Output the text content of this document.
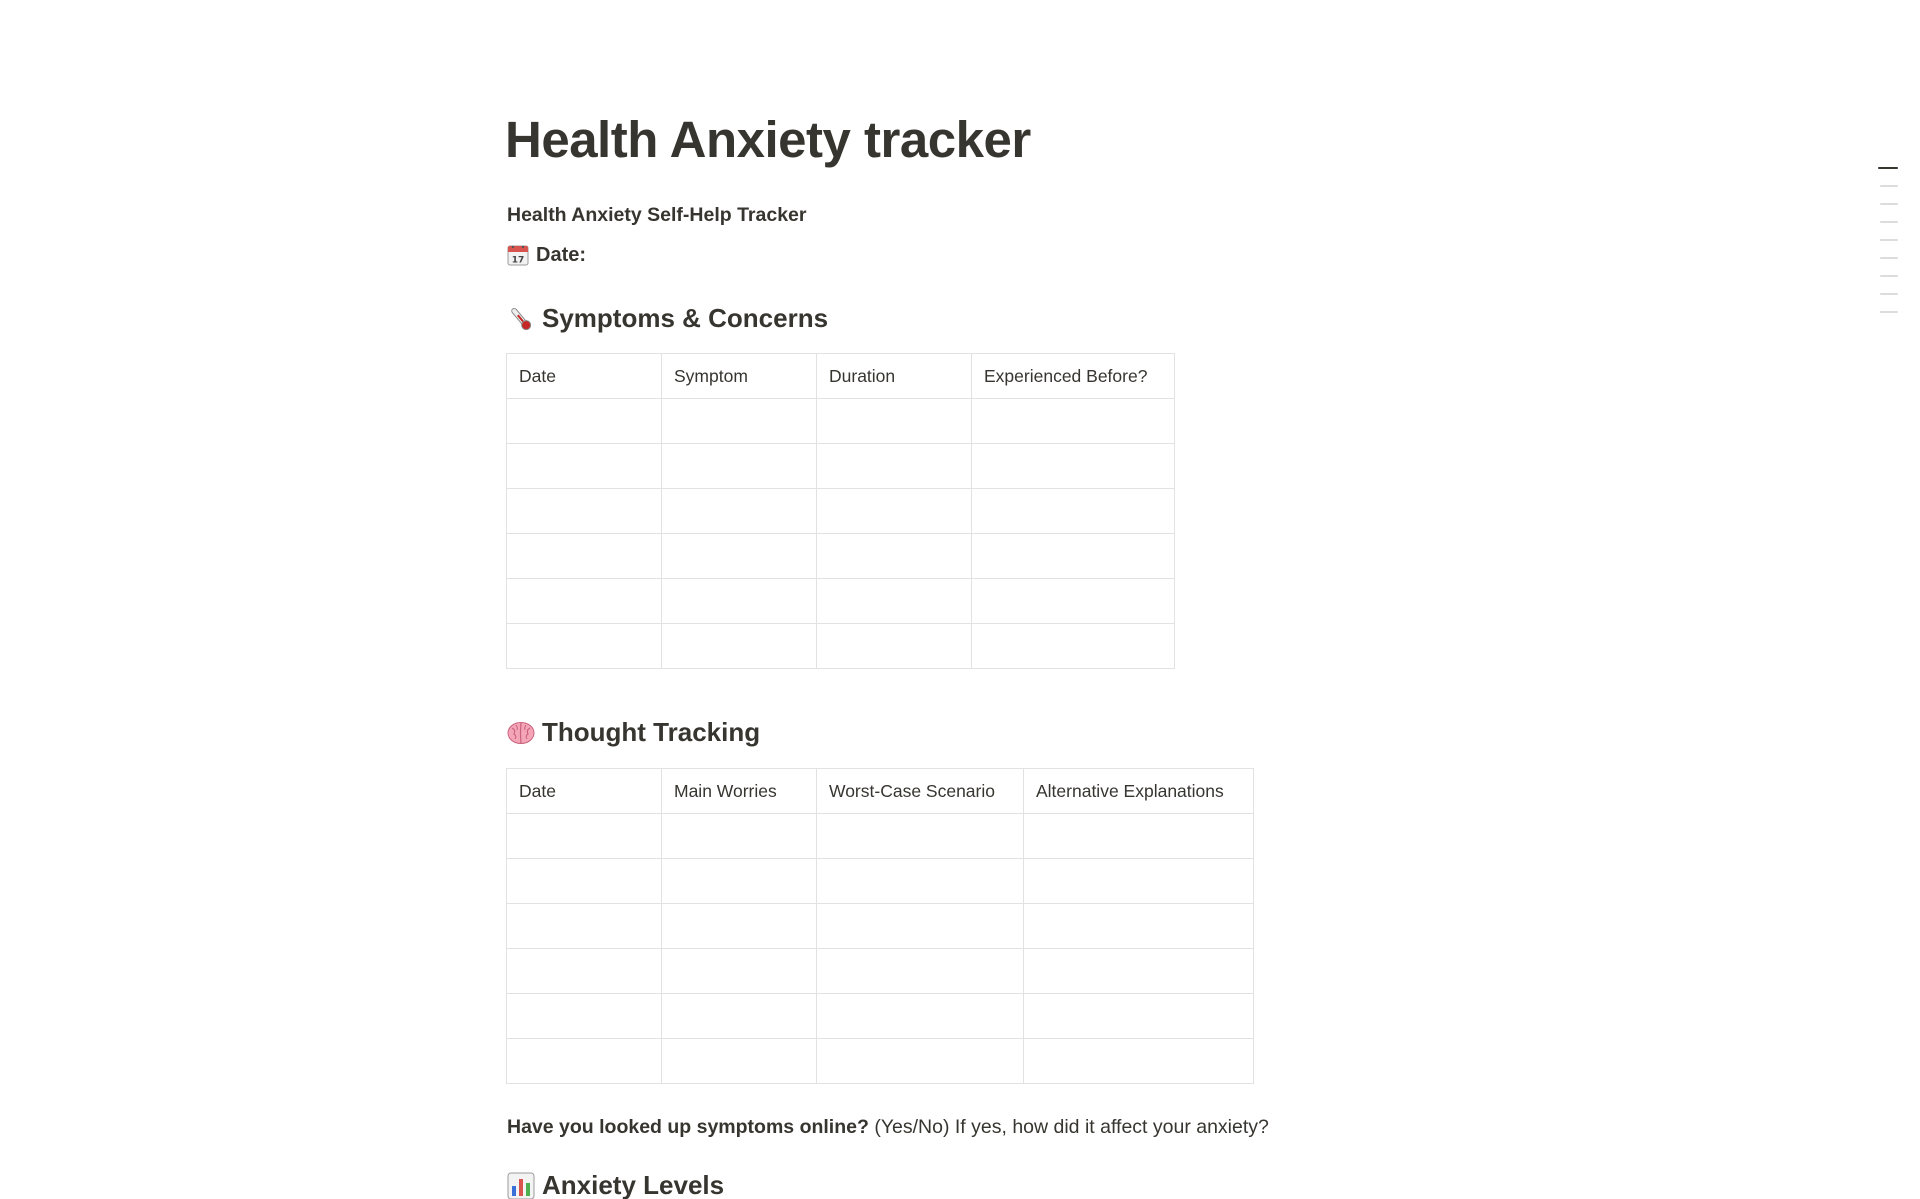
Health Anxiety tracker
Health Anxiety Self-Help Tracker
17 Date:
Symptoms & Concerns
Date	Symptom	Duration	Experienced Before?

Thought Tracking
Date	Main Worries	Worst-Case Scenario	Alternative Explanations

Have you looked up symptoms online? (Yes/No) If yes, how did it affect your anxiety?
Anxiety Levels
